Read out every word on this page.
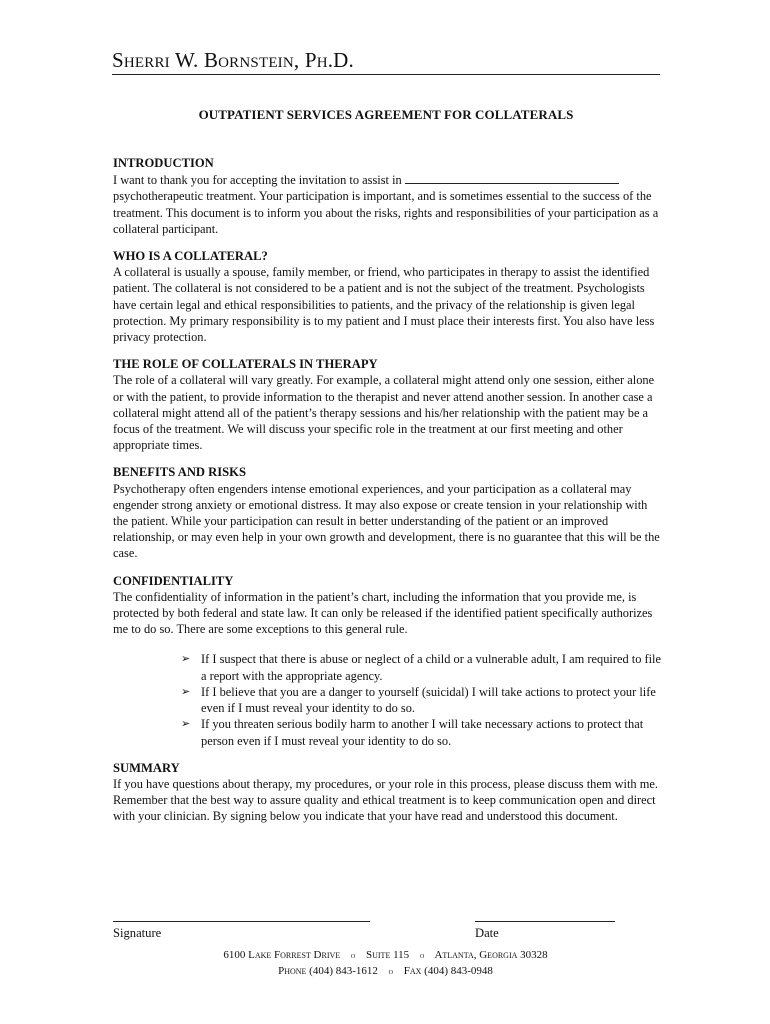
Sherri W. Bornstein, Ph.D.
OUTPATIENT SERVICES AGREEMENT FOR COLLATERALS
INTRODUCTION

I want to thank you for accepting the invitation to assist in  psychotherapeutic treatment. Your participation is important, and is sometimes essential to the success of the treatment. This document is to inform you about the risks, rights and responsibilities of your participation as a collateral participant.

WHO IS A COLLATERAL?

A collateral is usually a spouse, family member, or friend, who participates in therapy to assist the identified patient. The collateral is not considered to be a patient and is not the subject of the treatment. Psychologists have certain legal and ethical responsibilities to patients, and the privacy of the relationship is given legal protection. My primary responsibility is to my patient and I must place their interests first. You also have less privacy protection.

THE ROLE OF COLLATERALS IN THERAPY

The role of a collateral will vary greatly. For example, a collateral might attend only one session, either alone or with the patient, to provide information to the therapist and never attend another session. In another case a collateral might attend all of the patient’s therapy sessions and his/her relationship with the patient may be a focus of the treatment. We will discuss your specific role in the treatment at our first meeting and other appropriate times.

BENEFITS AND RISKS

Psychotherapy often engenders intense emotional experiences, and your participation as a collateral may engender strong anxiety or emotional distress. It may also expose or create tension in your relationship with the patient. While your participation can result in better understanding of the patient or an improved relationship, or may even help in your own growth and development, there is no guarantee that this will be the case.

CONFIDENTIALITY

The confidentiality of information in the patient’s chart, including the information that you provide me, is protected by both federal and state law. It can only be released if the identified patient specifically authorizes me to do so. There are some exceptions to this general rule.

➢ If I suspect that there is abuse or neglect of a child or a vulnerable adult, I am required to file a report with the appropriate agency.
➢ If I believe that you are a danger to yourself (suicidal) I will take actions to protect your life even if I must reveal your identity to do so.
➢ If you threaten serious bodily harm to another I will take necessary actions to protect that person even if I must reveal your identity to do so.
SUMMARY

If you have questions about therapy, my procedures, or your role in this process, please discuss them with me. Remember that the best way to assure quality and ethical treatment is to keep communication open and direct with your clinician. By signing below you indicate that your have read and understood this document.

Signature	Date
6100 Lake Forrest Drive o Suite 115 o Atlanta, Georgia 30328
Phone (404) 843-1612 o Fax (404) 843-0948
